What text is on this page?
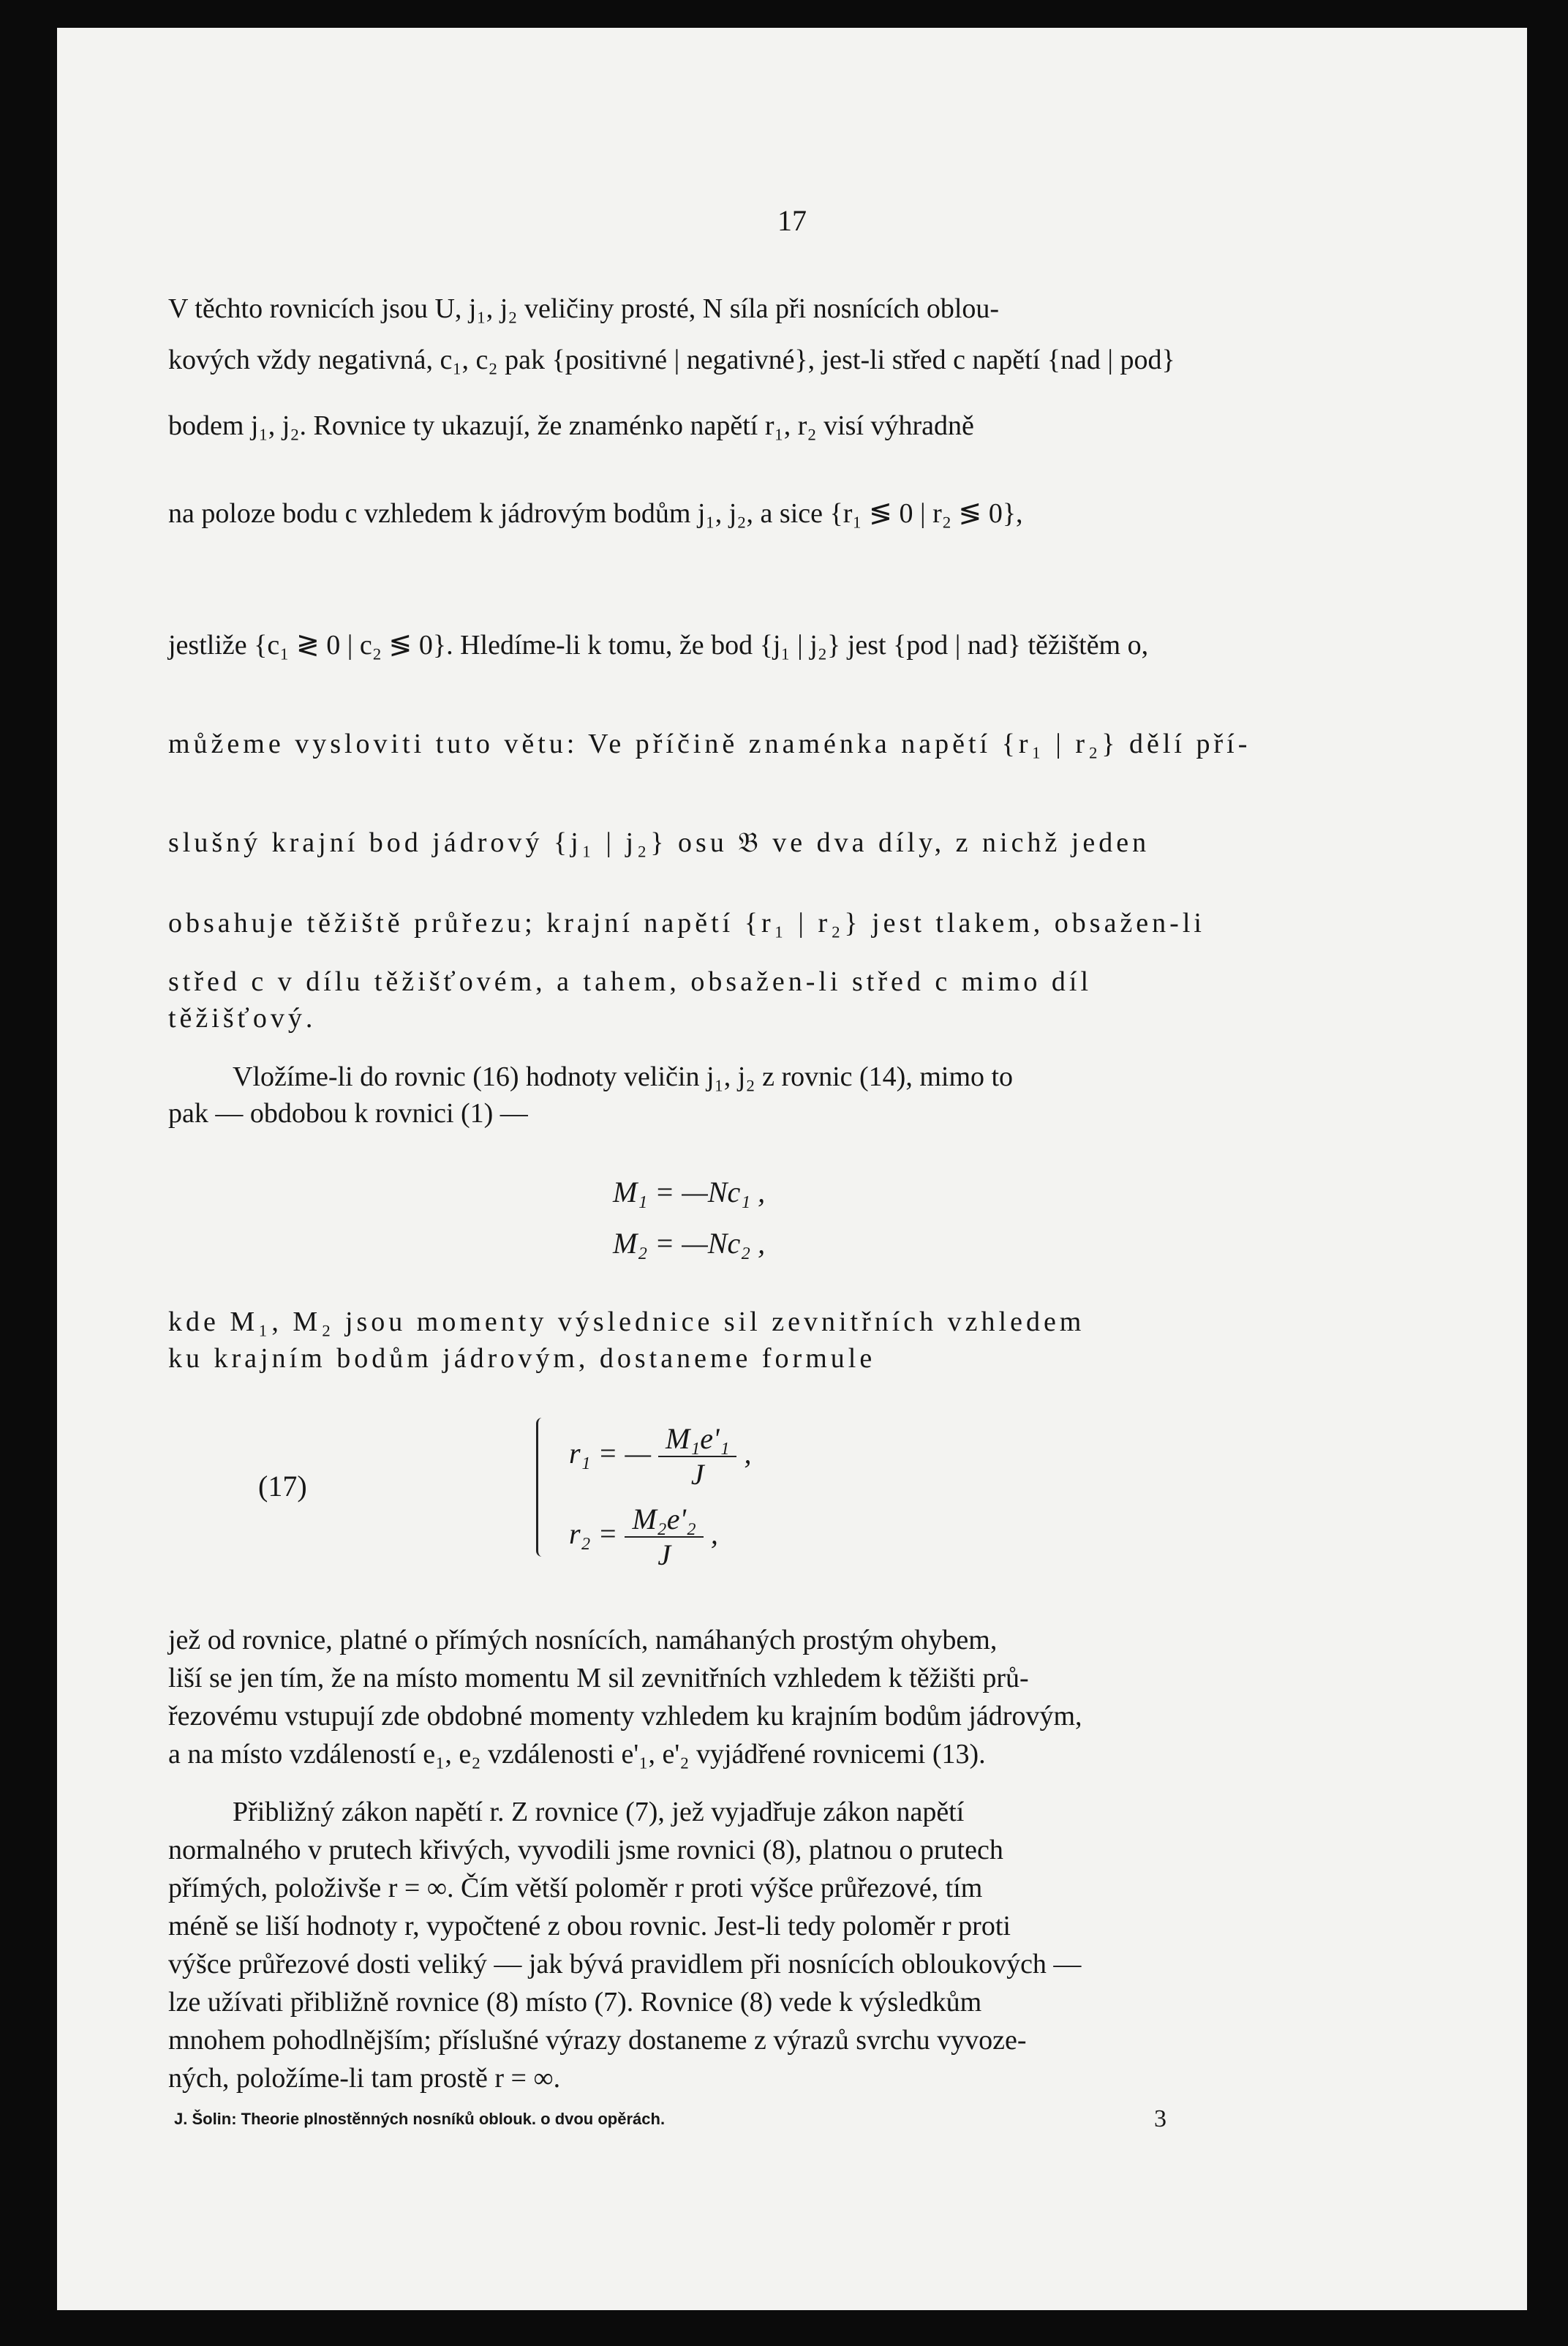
17
V těchto rovnicích jsou U, j₁, j₂ veličiny prosté, N síla při nosnících oblou-
kových vždy negativná, c₁, c₂ pak {positivné | negativné}, jest-li střed c napětí {nad | pod}
bodem j₁, j₂. Rovnice ty ukazují, že znaménko napětí r₁, r₂ visí výhradně
na poloze bodu c vzhledem k jádrovým bodům j₁, j₂, a sice {r₁ ≶ 0 | r₂ ≶ 0},
jestliže {c₁ ≷ 0 | c₂ ≶ 0}. Hledíme-li k tomu, že bod {j₁ | j₂} jest {pod | nad} těžištěm o,
můžeme vysloviti tuto větu: Ve příčině znaménka napětí {r₁ | r₂} dělí pří-
slušný krajní bod jádrový {j₁ | j₂} osu 𝔅 ve dva díly, z nichž jeden
obsahuje těžiště průřezu; krajní napětí {r₁ | r₂} jest tlakem, obsažen-li
střed c v dílu těžišťovém, a tahem, obsažen-li střed c mimo díl
těžišťový.
Vložíme-li do rovnic (16) hodnoty veličin j₁, j₂ z rovnic (14), mimo to
pak — obdobou k rovnici (1) —
M₁ = —Nc₁ ,
M₂ = —Nc₂ ,
kde M₁, M₂ jsou momenty výslednice sil zevnitřních vzhledem
ku krajním bodům jádrovým, dostaneme formule
(17)
r₁ = — $\frac{\text{M₁e'₁}}{J}$ ,
$r_2 = \frac{\text{M₂e'₂}}{J}$ ,
jež od rovnice, platné o přímých nosnících, namáhaných prostým ohybem,
liší se jen tím, že na místo momentu M sil zevnitřních vzhledem k těžišti prů-
řezovému vstupují zde obdobné momenty vzhledem ku krajním bodům jádrovým,
a na místo vzdáleností e₁, e₂ vzdálenosti e'₁, e'₂ vyjádřené rovnicemi (13).
Přibližný zákon napětí r. Z rovnice (7), jež vyjadřuje zákon napětí
normalného v prutech křivých, vyvodili jsme rovnici (8), platnou o prutech
přímých, položivše r = ∞. Čím větší poloměr r proti výšce průřezové, tím
méně se liší hodnoty r, vypočtené z obou rovnic. Jest-li tedy poloměr r proti
výšce průřezové dosti veliký — jak bývá pravidlem při nosnících obloukových —
lze užívati přibližně rovnice (8) místo (7). Rovnice (8) vede k výsledkům
mnohem pohodlnějším; příslušné výrazy dostaneme z výrazů svrchu vyvoze-
ných, položíme-li tam prostě r = ∞.
J. Šolin: Theorie plnostěnných nosníků oblouk. o dvou opěrách.	3
